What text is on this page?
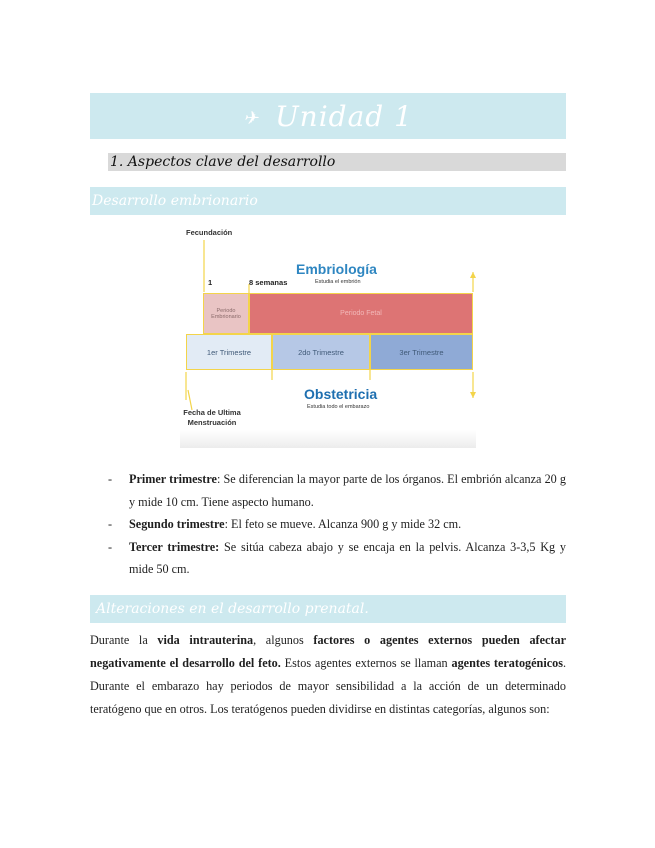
✈ Unidad 1
1. Aspectos clave del desarrollo
Desarrollo embrionario
Fecundación
1	8 semanas
Embriología
Estudia el embrión
Periodo Embrionario	Periodo Fetal
1er Trimestre	2do Trimestre	3er Trimestre
Obstetricia
Estudia todo el embarazo
Fecha de Ultima Menstruación
- Primer trimestre: Se diferencian la mayor parte de los órganos. El embrión alcanza 20 g y mide 10 cm. Tiene aspecto humano.
- Segundo trimestre: El feto se mueve. Alcanza 900 g y mide 32 cm.
- Tercer trimestre: Se sitúa cabeza abajo y se encaja en la pelvis. Alcanza 3-3,5 Kg y mide 50 cm.
Alteraciones en el desarrollo prenatal.

Durante la vida intrauterina, algunos factores o agentes externos pueden afectar negativamente el desarrollo del feto. Estos agentes externos se llaman agentes teratogénicos. Durante el embarazo hay periodos de mayor sensibilidad a la acción de un determinado teratógeno que en otros. Los teratógenos pueden dividirse en distintas categorías, algunos son:
